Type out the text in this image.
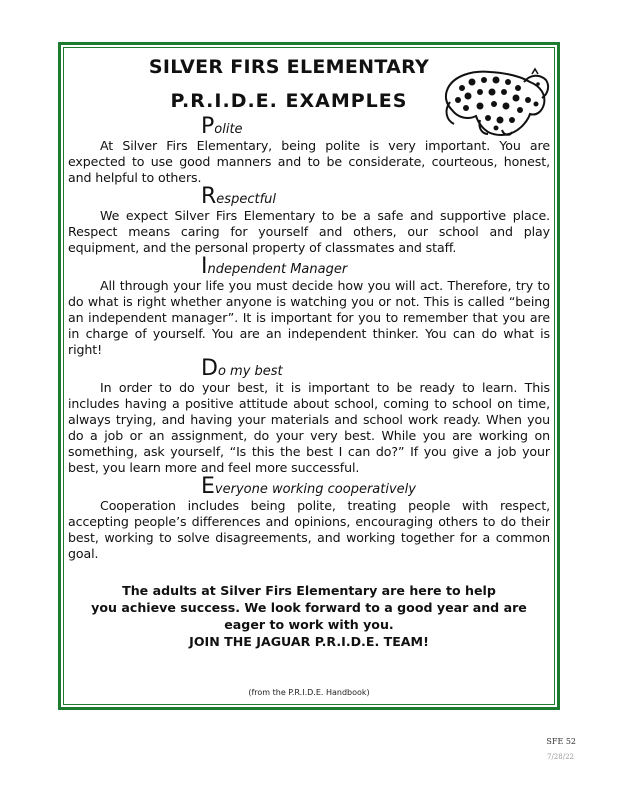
SILVER FIRS ELEMENTARY
P.R.I.D.E. EXAMPLES
Polite

At Silver Firs Elementary, being polite is very important. You are expected to use good manners and to be considerate, courteous, honest, and helpful to others.

Respectful

We expect Silver Firs Elementary to be a safe and supportive place. Respect means caring for yourself and others, our school and play equipment, and the personal property of classmates and staff.

Independent Manager

All through your life you must decide how you will act. Therefore, try to do what is right whether anyone is watching you or not. This is called “being an independent manager”. It is important for you to remember that you are in charge of yourself. You are an independent thinker. You can do what is right!

Do my best

In order to do your best, it is important to be ready to learn. This includes having a positive attitude about school, coming to school on time, always trying, and having your materials and school work ready. When you do a job or an assignment, do your very best. While you are working on something, ask yourself, “Is this the best I can do?” If you give a job your best, you learn more and feel more successful.

Everyone working cooperatively

Cooperation includes being polite, treating people with respect, accepting people’s differences and opinions, encouraging others to do their best, working to solve disagreements, and working together for a common goal.

The adults at Silver Firs Elementary are here to help

you achieve success. We look forward to a good year and are

eager to work with you.

JOIN THE JAGUAR P.R.I.D.E. TEAM!

(from the P.R.I.D.E. Handbook)
SFE 52
7/28/22
